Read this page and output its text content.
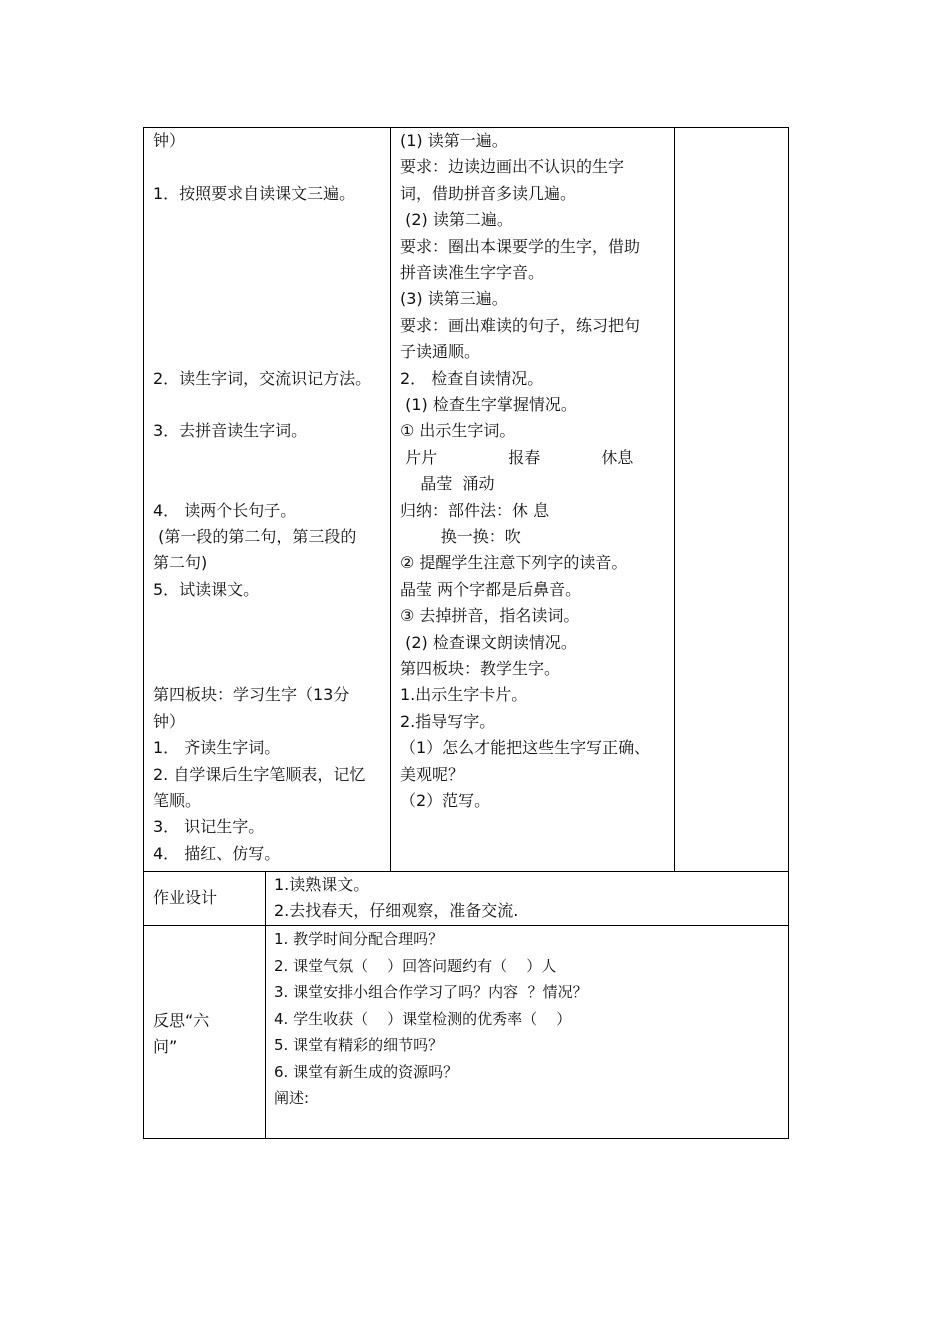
钟）
1．按照要求自读课文三遍。
2．读生字词，交流识记方法。
3．去拼音读生字词。
4． 读两个长句子。
(第一段的第二句，第三段的
第二句)
5．试读课文。
第四板块：学习生字（13分
钟）
1． 齐读生字词。
2. 自学课后生字笔顺表，记忆
笔顺。
3． 识记生字。
4． 描红、仿写。
(1) 读第一遍。
要求：边读边画出不认识的生字
词，借助拼音多读几遍。
(2) 读第二遍。
要求：圈出本课要学的生字，借助
拼音读准生字字音。
(3) 读第三遍。
要求：画出难读的句子，练习把句
子读通顺。
2． 检查自读情况。
(1) 检查生字掌握情况。
① 出示生字词。
片片              报春            休息
晶莹  涌动
归纳：部件法：休 息
换一换：吹
② 提醒学生注意下列字的读音。
晶莹 两个字都是后鼻音。
③ 去掉拼音，指名读词。
(2) 检查课文朗读情况。
第四板块：教学生字。
1.出示生字卡片。
2.指导写字。
（1）怎么才能把这些生字写正确、
美观呢？
（2）范写。
作业设计
1.读熟课文。
2.去找春天，仔细观察，准备交流.
反思“六
问”
1. 教学时间分配合理吗？
2. 课堂气氛（    ）回答问题约有（    ）人
3. 课堂安排小组合作学习了吗？内容  ？情况？
4. 学生收获（    ）课堂检测的优秀率（    ）
5. 课堂有精彩的细节吗？
6. 课堂有新生成的资源吗？
阐述:
